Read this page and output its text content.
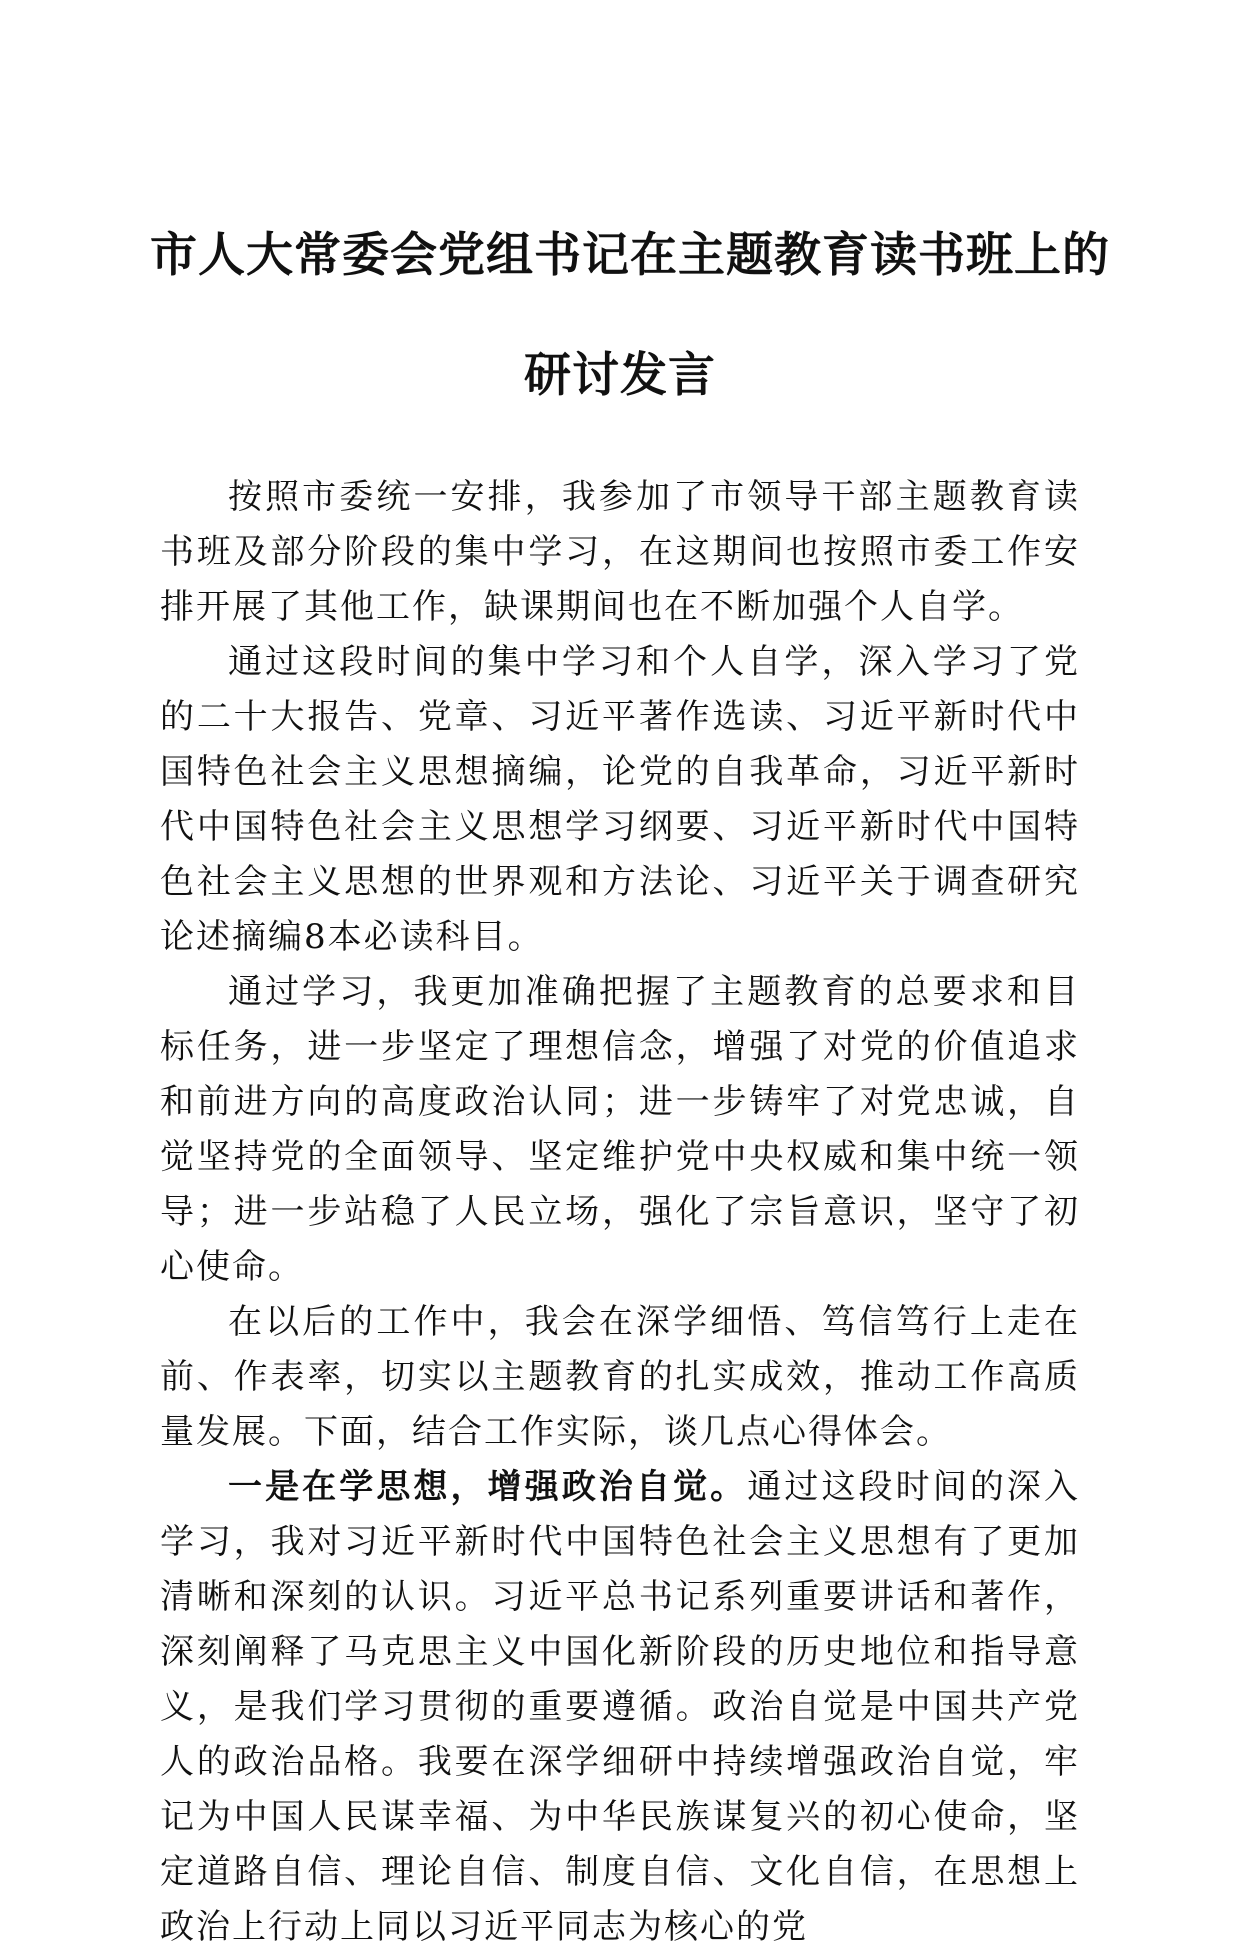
市人大常委会党组书记在主题教育读书班上的
研讨发言

按照市委统一安排，我参加了市领导干部主题教育读书班及部分阶段的集中学习，在这期间也按照市委工作安排开展了其他工作，缺课期间也在不断加强个人自学。

通过这段时间的集中学习和个人自学，深入学习了党的二十大报告、党章、习近平著作选读、习近平新时代中国特色社会主义思想摘编，论党的自我革命，习近平新时代中国特色社会主义思想学习纲要、习近平新时代中国特色社会主义思想的世界观和方法论、习近平关于调查研究论述摘编8本必读科目。

通过学习，我更加准确把握了主题教育的总要求和目标任务，进一步坚定了理想信念，增强了对党的价值追求和前进方向的高度政治认同；进一步铸牢了对党忠诚，自觉坚持党的全面领导、坚定维护党中央权威和集中统一领导；进一步站稳了人民立场，强化了宗旨意识，坚守了初心使命。

在以后的工作中，我会在深学细悟、笃信笃行上走在前、作表率，切实以主题教育的扎实成效，推动工作高质量发展。下面，结合工作实际，谈几点心得体会。

一是在学思想，增强政治自觉。通过这段时间的深入学习，我对习近平新时代中国特色社会主义思想有了更加清晰和深刻的认识。习近平总书记系列重要讲话和著作，深刻阐释了马克思主义中国化新阶段的历史地位和指导意义，是我们学习贯彻的重要遵循。政治自觉是中国共产党人的政治品格。我要在深学细研中持续增强政治自觉，牢记为中国人民谋幸福、为中华民族谋复兴的初心使命，坚定道路自信、理论自信、制度自信、文化自信，在思想上政治上行动上同以习近平同志为核心的党
